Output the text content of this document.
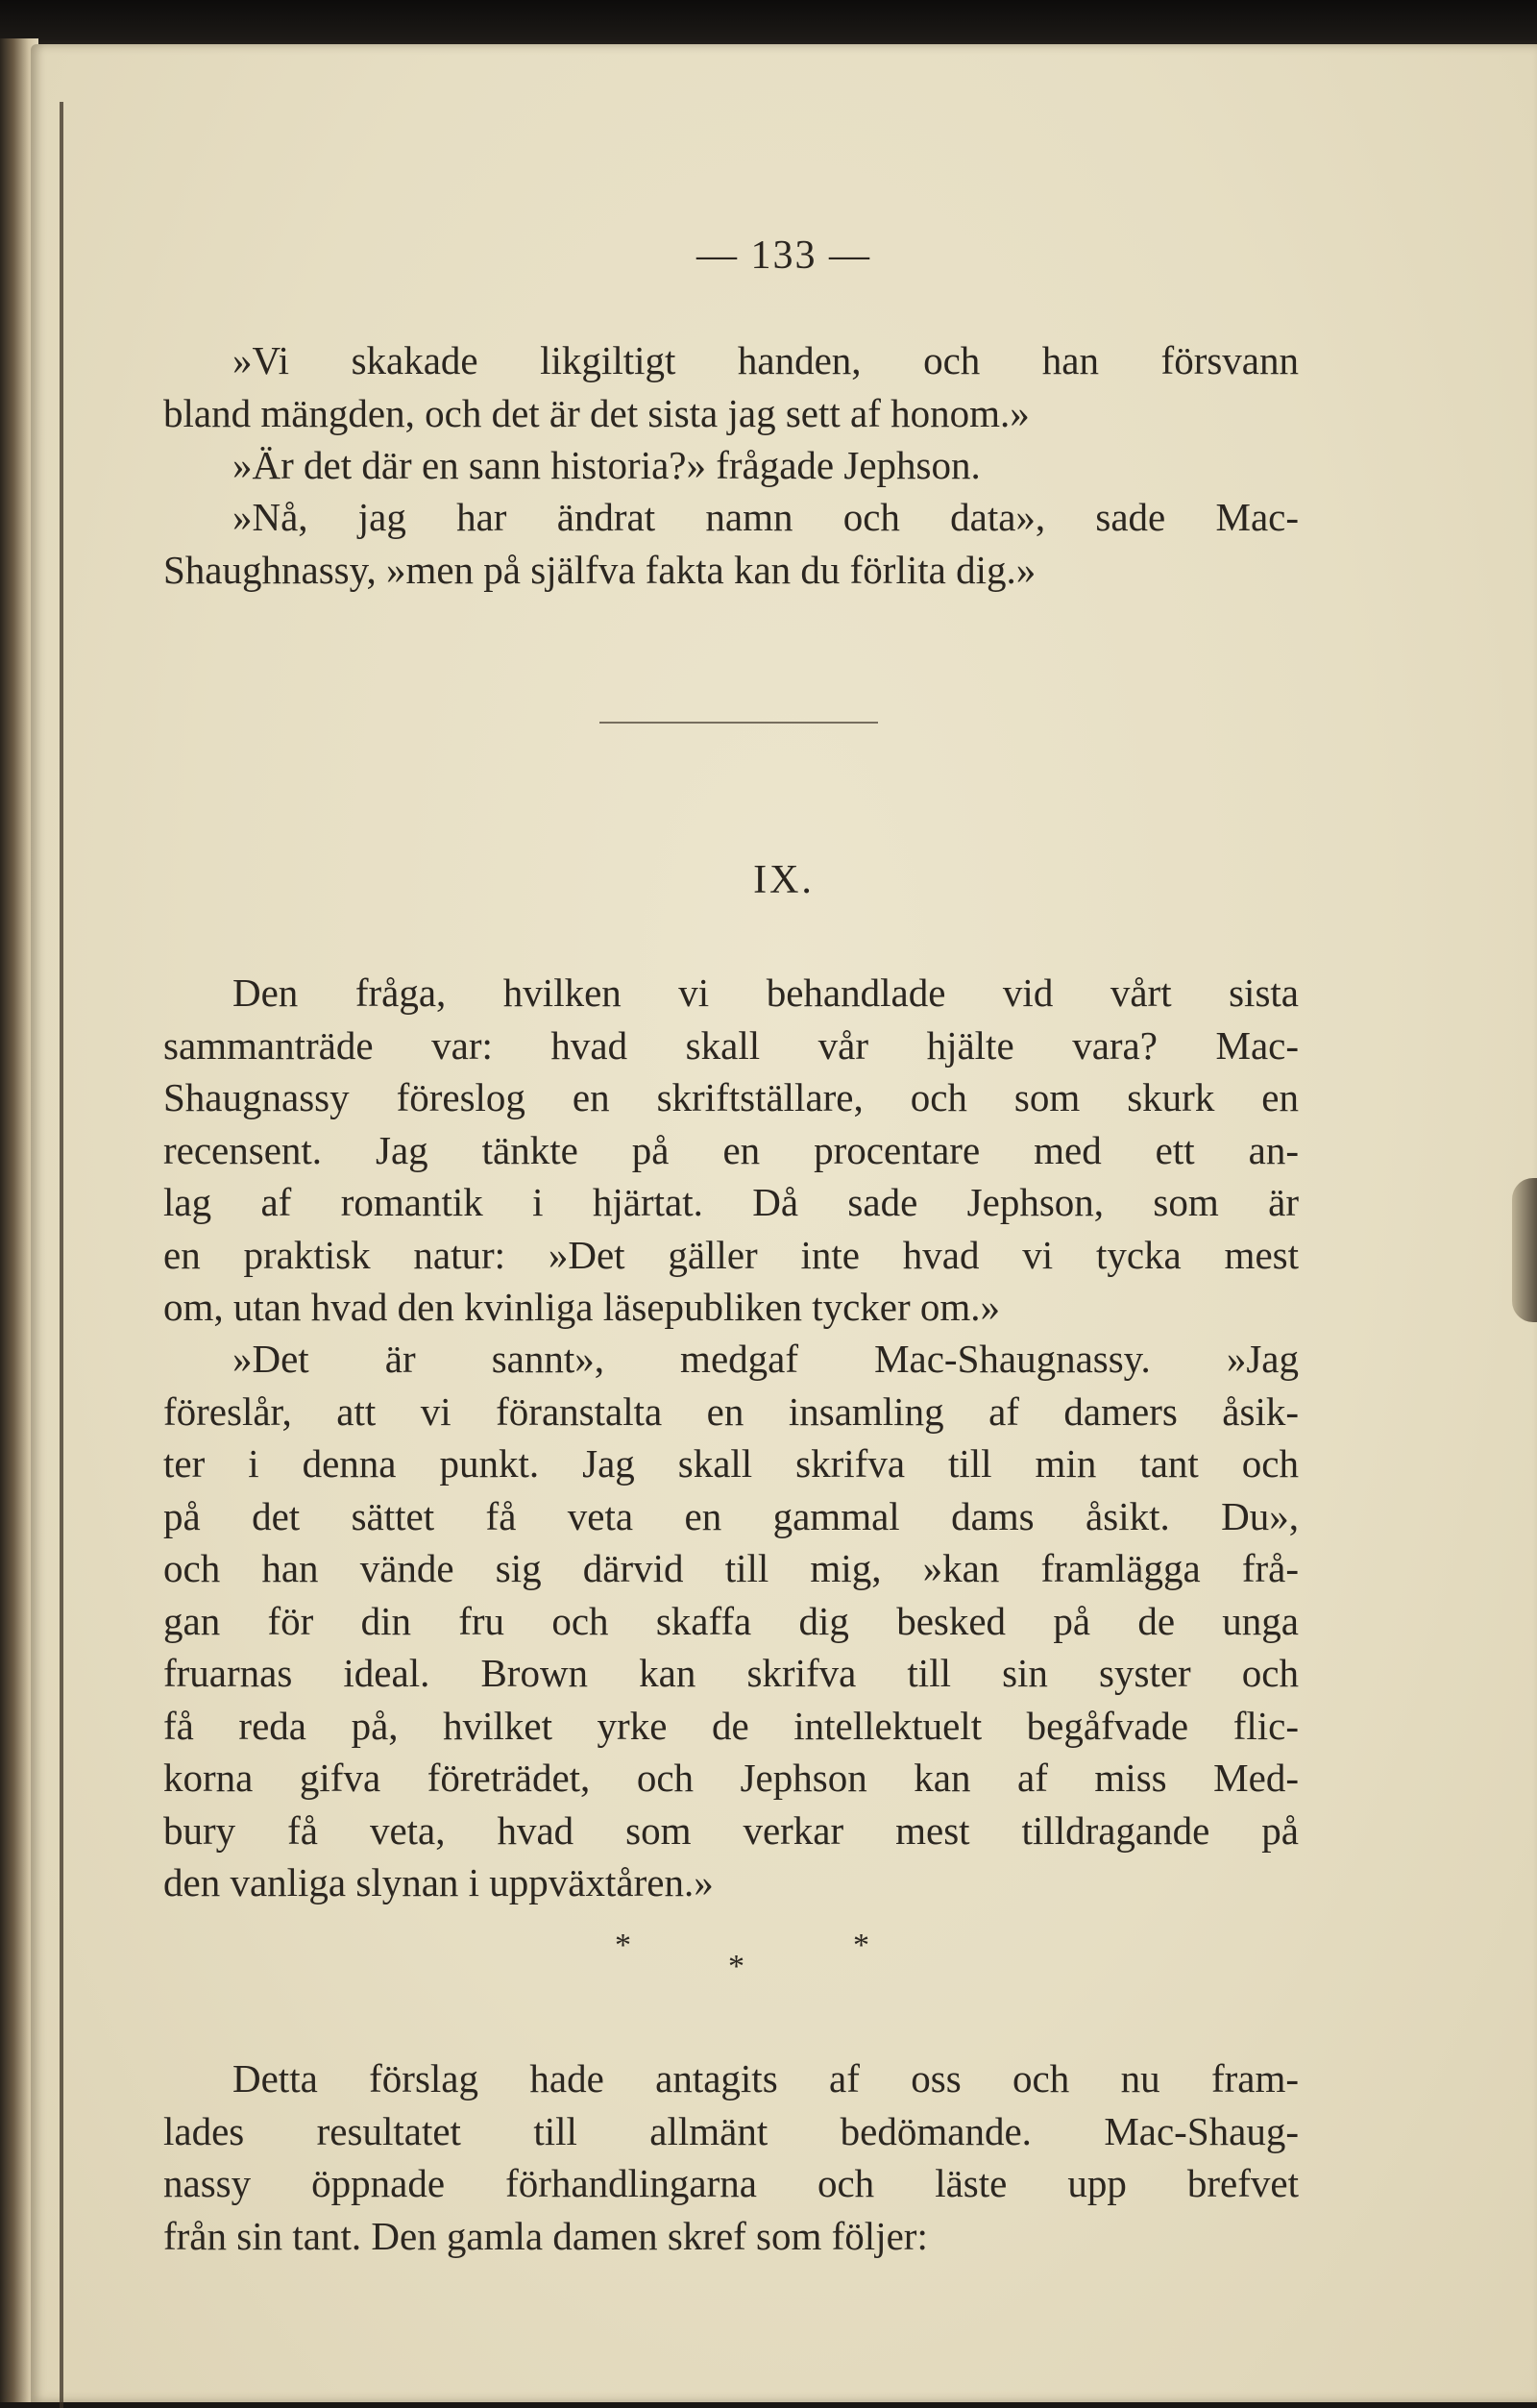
— 133 —
»Vi skakade likgiltigt handen, och han försvann
bland mängden, och det är det sista jag sett af honom.»
»Är det där en sann historia?» frågade Jephson.
»Nå, jag har ändrat namn och data», sade Mac-
Shaughnassy, »men på själfva fakta kan du förlita dig.»
IX.
Den fråga, hvilken vi behandlade vid vårt sista
sammanträde var: hvad skall vår hjälte vara? Mac-
Shaugnassy föreslog en skriftställare, och som skurk en
recensent. Jag tänkte på en procentare med ett an-
lag af romantik i hjärtat. Då sade Jephson, som är
en praktisk natur: »Det gäller inte hvad vi tycka mest
om, utan hvad den kvinliga läsepubliken tycker om.»
»Det är sannt», medgaf Mac-Shaugnassy. »Jag
föreslår, att vi föranstalta en insamling af damers åsik-
ter i denna punkt. Jag skall skrifva till min tant och
på det sättet få veta en gammal dams åsikt. Du»,
och han vände sig därvid till mig, »kan framlägga frå-
gan för din fru och skaffa dig besked på de unga
fruarnas ideal. Brown kan skrifva till sin syster och
få reda på, hvilket yrke de intellektuelt begåfvade flic-
korna gifva företrädet, och Jephson kan af miss Med-
bury få veta, hvad som verkar mest tilldragande på
den vanliga slynan i uppväxtåren.»
*
*
*
Detta förslag hade antagits af oss och nu fram-
lades resultatet till allmänt bedömande. Mac-Shaug-
nassy öppnade förhandlingarna och läste upp brefvet
från sin tant. Den gamla damen skref som följer:
